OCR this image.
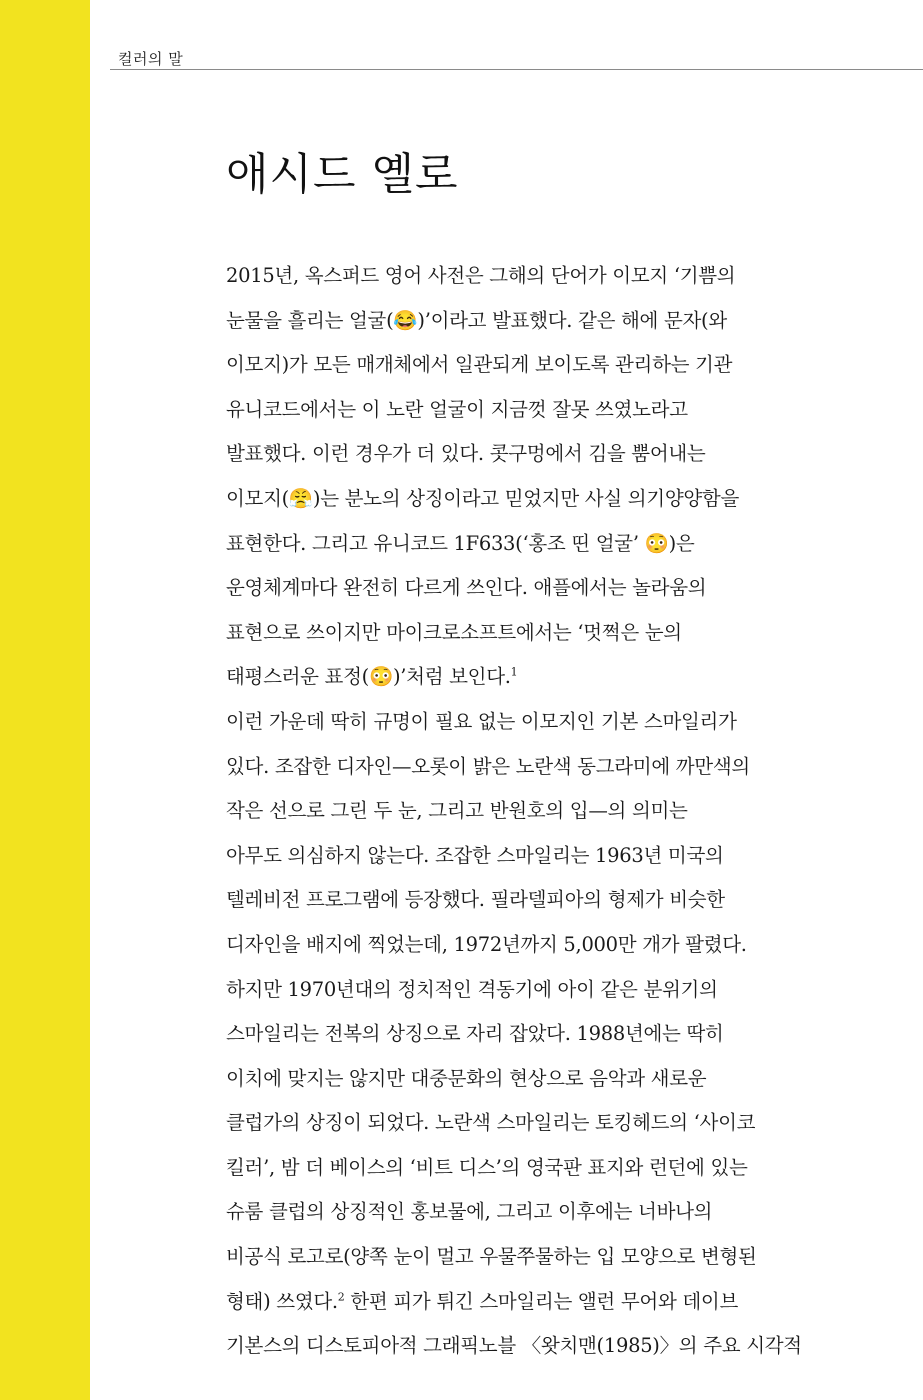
컬러의 말
애시드 옐로
2015년, 옥스퍼드 영어 사전은 그해의 단어가 이모지 ‘기쁨의
눈물을 흘리는 얼굴(😂)’이라고 발표했다. 같은 해에 문자(와
이모지)가 모든 매개체에서 일관되게 보이도록 관리하는 기관
유니코드에서는 이 노란 얼굴이 지금껏 잘못 쓰였노라고
발표했다. 이런 경우가 더 있다. 콧구멍에서 김을 뿜어내는
이모지(😤)는 분노의 상징이라고 믿었지만 사실 의기양양함을
표현한다. 그리고 유니코드 1F633(‘홍조 띤 얼굴’ 😳)은
운영체계마다 완전히 다르게 쓰인다. 애플에서는 놀라움의
표현으로 쓰이지만 마이크로소프트에서는 ‘멋쩍은 눈의
태평스러운 표정(😳)’처럼 보인다.$^1$
이런 가운데 딱히 규명이 필요 없는 이모지인 기본 스마일리가
있다. 조잡한 디자인—오롯이 밝은 노란색 동그라미에 까만색의
작은 선으로 그린 두 눈, 그리고 반원호의 입—의 의미는
아무도 의심하지 않는다. 조잡한 스마일리는 1963년 미국의
텔레비전 프로그램에 등장했다. 필라델피아의 형제가 비슷한
디자인을 배지에 찍었는데, 1972년까지 5,000만 개가 팔렸다.
하지만 1970년대의 정치적인 격동기에 아이 같은 분위기의
스마일리는 전복의 상징으로 자리 잡았다. 1988년에는 딱히
이치에 맞지는 않지만 대중문화의 현상으로 음악과 새로운
클럽가의 상징이 되었다. 노란색 스마일리는 토킹헤드의 ‘사이코
킬러’, 밤 더 베이스의 ‘비트 디스’의 영국판 표지와 런던에 있는
슈룸 클럽의 상징적인 홍보물에, 그리고 이후에는 너바나의
비공식 로고로(양쪽 눈이 멀고 우물쭈물하는 입 모양으로 변형된
형태) 쓰였다.$^2$ 한편 피가 튀긴 스마일리는 앨런 무어와 데이브
기본스의 디스토피아적 그래픽노블 〈왓치맨(1985)〉의 주요 시각적
